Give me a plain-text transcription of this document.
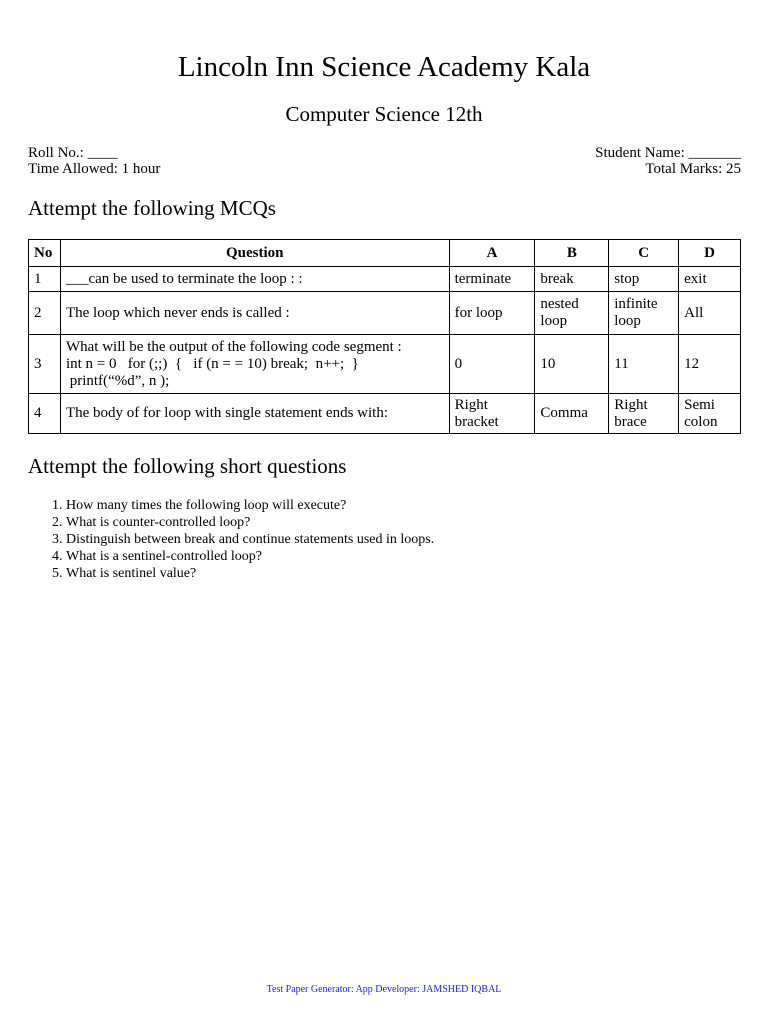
Lincoln Inn Science Academy Kala
Computer Science 12th
Roll No.: ____	Student Name: _______
Time Allowed: 1 hour	Total Marks: 25
Attempt the following MCQs
No	Question	A	B	C	D
1	___can be used to terminate the loop : :	terminate	break	stop	exit
2	The loop which never ends is called :	for loop	nested loop	infinite loop	All
3	What will be the output of the following code segment :
int n = 0   for (;;)  {   if (n = = 10) break;  n++;  }
printf(“%d”, n );	0	10	11	12
4	The body of for loop with single statement ends with:	Right bracket	Comma	Right brace	Semi colon
Attempt the following short questions
1. How many times the following loop will execute?
2. What is counter-controlled loop?
3. Distinguish between break and continue statements used in loops.
4. What is a sentinel-controlled loop?
5. What is sentinel value?
Test Paper Generator: App Developer: JAMSHED IQBAL
